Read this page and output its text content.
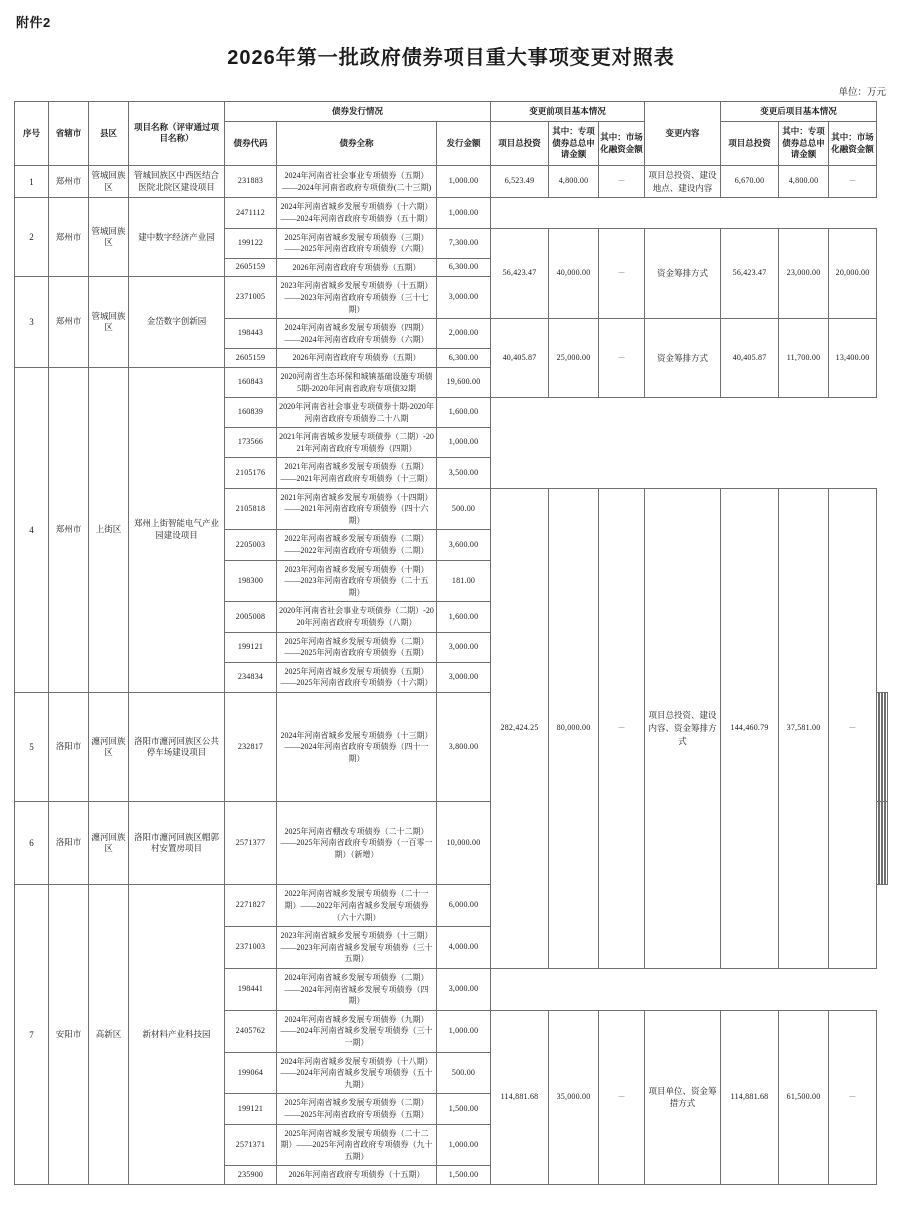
附件2
2026年第一批政府债券项目重大事项变更对照表
单位：万元
序号	省辖市	县区	项目名称（评审通过项目名称）	债券发行情况			变更前项目基本情况			变更内容	变更后项目基本情况						
				债券代码	债券全称	发行金额	项目总投资	其中：专项债券总总申请金额	其中：市场化融资金额		项目总投资	其中：专项债券总总申请金额	其中：市场化融资金额				
1	郑州市	管城回族区	管城回族区中西医结合医院北院区建设项目	231883	2024年河南省社会事业专项债券（五期）——2024年河南省政府专项债券(二十三期)	1,000.00	6,523.49	4,800.00	－	项目总投资、建设地点、建设内容	6,670.00	4,800.00	－				
2	郑州市	管城回族区	建中数字经济产业园	2471112	2024年河南省城乡发展专项债券（十六期）——2024年河南省政府专项债券（五十期）	1,000.00											
				199122	2025年河南省城乡发展专项债券（三期）——2025年河南省政府专项债券（六期）	7,300.00	56,423.47	40,000.00	－	资金筹排方式	56,423.47	23,000.00	20,000.00				
				2605159	2026年河南省政府专项债券（五期）	6,300.00											
3	郑州市	管城回族区	金岱数字创新园	2371005	2023年河南省城乡发展专项债券（十五期）——2023年河南省政府专项债券（三十七期）	3,000.00											
				198443	2024年河南省城乡发展专项债券（四期）——2024年河南省政府专项债券（六期）	2,000.00	40,405.87	25,000.00	－	资金筹排方式	40,405.87	11,700.00	13,400.00				
				2605159	2026年河南省政府专项债券（五期）	6,300.00											
4	郑州市	上街区	郑州上街智能电气产业园建设项目	160843	2020河南省生态环保和城镇基础设施专项债5期-2020年河南省政府专项债32期	19,600.00											
				160839	2020年河南省社会事业专项债券十期-2020年河南省政府专项债券二十八期	1,600.00											
				173566	2021年河南省城乡发展专项债券（二期）-2021年河南省政府专项债券（四期）	1,000.00											
				2105176	2021年河南省城乡发展专项债券（五期）——2021年河南省政府专项债券（十三期）	3,500.00											
				2105818	2021年河南省城乡发展专项债券（十四期）——2021年河南省政府专项债券（四十六期）	500.00	282,424.25	80,000.00	－	项目总投资、建设内容、资金筹排方式	144,460.79	37,581.00	－				
				2205003	2022年河南省城乡发展专项债券（二期）——2022年河南省政府专项债券（二期）	3,600.00											
				198300	2023年河南省城乡发展专项债券（十期）——2023年河南省政府专项债券（二十五期）	181.00											
				2005008	2020年河南省社会事业专项债券（二期）-2020年河南省政府专项债券（八期）	1,600.00											
				199121	2025年河南省城乡发展专项债券（二期）——2025年河南省政府专项债券（五期）	3,000.00											
				234834	2025年河南省城乡发展专项债券（五期）——2025年河南省政府专项债券（十六期）	3,000.00											
5	洛阳市	瀍河回族区	洛阳市瀍河回族区公共停车场建设项目	232817	2024年河南省城乡发展专项债券（十三期）——2024年河南省政府专项债券（四十一期）	3,800.00							
6	洛阳市	瀍河回族区	洛阳市瀍河回族区帽郭村安置房项目	2571377	2025年河南省棚改专项债券（二十二期）——2025年河南省政府专项债券（一百零一期）（新增）	10,000.00							
7	安阳市	高新区	新材料产业科技园	2271827	2022年河南省城乡发展专项债券（二十一期）——2022年河南省城乡发展专项债券（六十六期）	6,000.00											
				2371003	2023年河南省城乡发展专项债券（十三期）——2023年河南省城乡发展专项债券（三十五期）	4,000.00											
				198441	2024年河南省城乡发展专项债券（二期）——2024年河南省城乡发展专项债券（四期）	3,000.00											
				2405762	2024年河南省城乡发展专项债券（九期）——2024年河南省城乡发展专项债券（三十一期）	1,000.00	114,881.68	35,000.00	－	项目单位、资金筹措方式	114,881.68	61,500.00	－				
				199064	2024年河南省城乡发展专项债券（十八期）——2024年河南省城乡发展专项债券（五十九期）	500.00											
				199121	2025年河南省城乡发展专项债券（二期）——2025年河南省政府专项债券（五期）	1,500.00											
				2571371	2025年河南省城乡发展专项债券（二十二期）——2025年河南省政府专项债券（九十五期）	1,000.00											
				235900	2026年河南省政府专项债券（十五期）	1,500.00											
